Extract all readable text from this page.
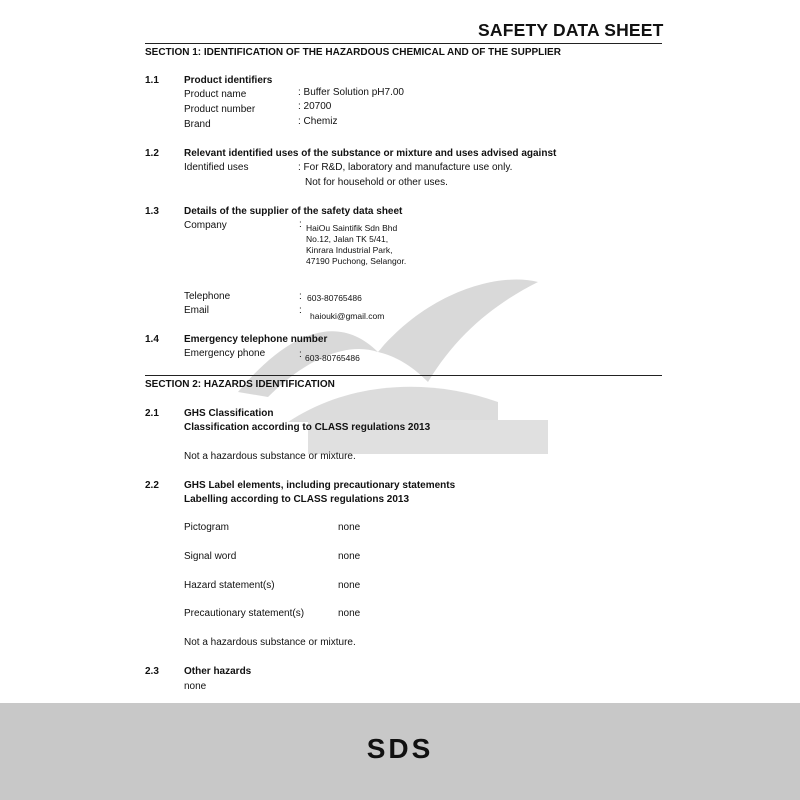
SAFETY DATA SHEET
SECTION 1: IDENTIFICATION OF THE HAZARDOUS CHEMICAL AND OF THE SUPPLIER
1.1	Product identifiers
Product name	: Buffer Solution pH7.00
Product number	: 20700
Brand	: Chemiz
1.2	Relevant identified uses of the substance or mixture and uses advised against
Identified uses	: For R&D, laboratory and manufacture use only.
Not for household or other uses.
1.3	Details of the supplier of the safety data sheet
Company	: HaiOu Saintifik Sdn Bhd
No.12, Jalan TK 5/41,
Kinrara Industrial Park,
47190 Puchong, Selangor.
Telephone	: 603-80765486
Email	: haiouki@gmail.com
1.4	Emergency telephone number
Emergency phone	: 603-80765486
SECTION 2: HAZARDS IDENTIFICATION
2.1	GHS Classification
Classification according to CLASS regulations 2013
Not a hazardous substance or mixture.
2.2	GHS Label elements, including precautionary statements
Labelling according to CLASS regulations 2013
Pictogram	none
Signal word	none
Hazard statement(s)	none
Precautionary statement(s)	none
Not a hazardous substance or mixture.
2.3	Other hazards
none
SDS
